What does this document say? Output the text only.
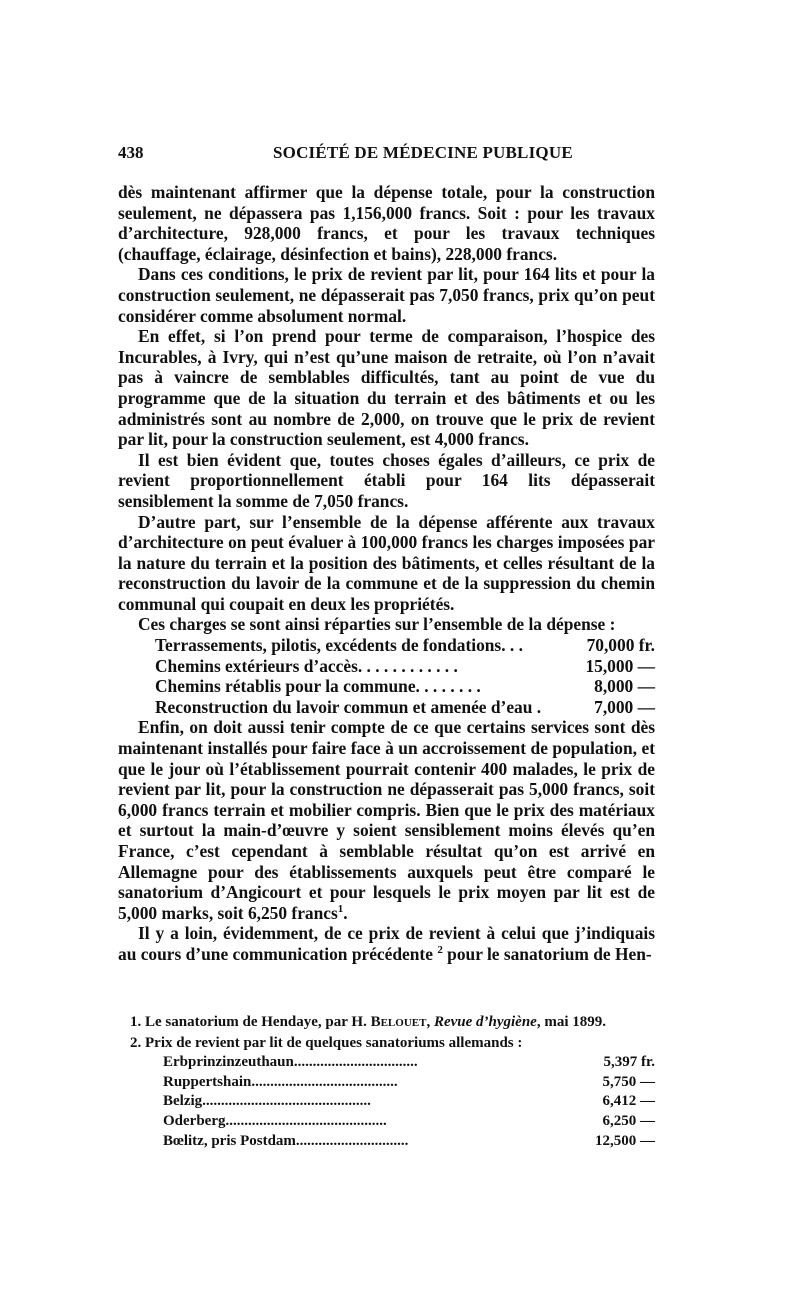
438	SOCIÉTÉ DE MÉDECINE PUBLIQUE

dès maintenant affirmer que la dépense totale, pour la construction seulement, ne dépassera pas 1,156,000 francs. Soit : pour les travaux d’architecture, 928,000 francs, et pour les travaux techniques (chauffage, éclairage, désinfection et bains), 228,000 francs.

Dans ces conditions, le prix de revient par lit, pour 164 lits et pour la construction seulement, ne dépasserait pas 7,050 francs, prix qu’on peut considérer comme absolument normal.

En effet, si l’on prend pour terme de comparaison, l’hospice des Incurables, à Ivry, qui n’est qu’une maison de retraite, où l’on n’avait pas à vaincre de semblables difficultés, tant au point de vue du programme que de la situation du terrain et des bâtiments et ou les administrés sont au nombre de 2,000, on trouve que le prix de revient par lit, pour la construction seulement, est 4,000 francs.

Il est bien évident que, toutes choses égales d’ailleurs, ce prix de revient proportionnellement établi pour 164 lits dépasserait sensiblement la somme de 7,050 francs.

D’autre part, sur l’ensemble de la dépense afférente aux travaux d’architecture on peut évaluer à 100,000 francs les charges imposées par la nature du terrain et la position des bâtiments, et celles résultant de la reconstruction du lavoir de la commune et de la suppression du chemin communal qui coupait en deux les propriétés.

Ces charges se sont ainsi réparties sur l’ensemble de la dépense :

Terrassements, pilotis, excédents de fondations. . .	70,000 fr.
Chemins extérieurs d’accès. . . . . . . . . . . .	15,000 —
Chemins rétablis pour la commune. . . . . . . .	8,000 —
Reconstruction du lavoir commun et amenée d’eau .	7,000 —

Enfin, on doit aussi tenir compte de ce que certains services sont dès maintenant installés pour faire face à un accroissement de population, et que le jour où l’établissement pourrait contenir 400 malades, le prix de revient par lit, pour la construction ne dépasserait pas 5,000 francs, soit 6,000 francs terrain et mobilier compris. Bien que le prix des matériaux et surtout la main-d’œuvre y soient sensiblement moins élevés qu’en France, c’est cependant à semblable résultat qu’on est arrivé en Allemagne pour des établissements auxquels peut être comparé le sanatorium d’Angicourt et pour lesquels le prix moyen par lit est de 5,000 marks, soit 6,250 francs$^1$.

Il y a loin, évidemment, de ce prix de revient à celui que j’indiquais au cours d’une communication précédente $^2$ pour le sanatorium de Hen-

1. Le sanatorium de Hendaye, par H. Belouet, Revue d’hygiène, mai 1899.

2. Prix de revient par lit de quelques sanatoriums allemands :

Erbprinzinzeuthaun.................................	5,397 fr.
Ruppertshain.......................................	5,750 —
Belzig.............................................	6,412 —
Oderberg...........................................	6,250 —
Bœlitz, pris Postdam..............................	12,500 —
